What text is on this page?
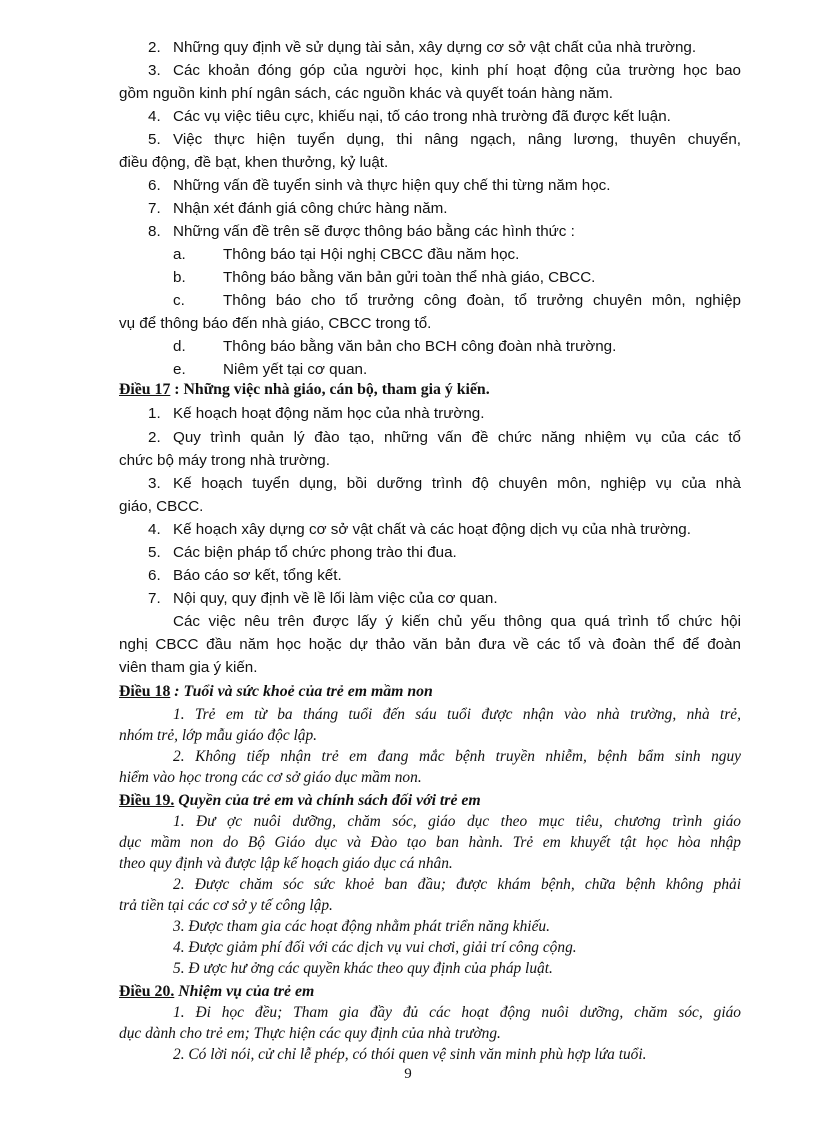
2. Những quy định về sử dụng tài sản, xây dựng cơ sở vật chất của nhà trường.
3. Các khoản đóng góp của người học, kinh phí hoạt động của trường học bao
gồm nguồn kinh phí ngân sách, các nguồn khác và quyết toán hàng năm.
4. Các vụ việc tiêu cực, khiếu nại, tố cáo trong nhà trường đã được kết luận.
5. Việc thực hiện tuyển dụng, thi nâng ngạch, nâng lương, thuyên chuyển,
điều động, đề bạt, khen thưởng, kỷ luật.
6. Những vấn đề tuyển sinh và thực hiện quy chế thi từng năm học.
7. Nhận xét đánh giá công chức hàng năm.
8. Những vấn đề trên sẽ được thông báo bằng các hình thức :
a. Thông báo tại Hội nghị CBCC đầu năm học.
b. Thông báo bằng văn bản gửi toàn thể nhà giáo, CBCC.
c.	Thông báo cho tổ trưởng công đoàn, tổ trưởng chuyên môn, nghiệp
vụ để thông báo đến nhà giáo, CBCC trong tổ.
d. Thông báo bằng văn bản cho BCH công đoàn nhà trường.
e. Niêm yết tại cơ quan.
Điều 17 : Những việc nhà giáo, cán bộ, tham gia ý kiến.
1. Kế hoạch hoạt động năm học của nhà trường.
2. Quy trình quản lý đào tạo, những vấn đề chức năng nhiệm vụ của các tổ
chức bộ máy trong nhà trường.
3. Kế hoạch tuyển dụng, bồi dưỡng trình độ chuyên môn, nghiệp vụ của nhà
giáo, CBCC.
4. Kế hoạch xây dựng cơ sở vật chất và các hoạt động dịch vụ của nhà trường.
5. Các biện pháp tổ chức phong trào thi đua.
6. Báo cáo sơ kết, tổng kết.
7. Nội quy, quy định về lề lối làm việc của cơ quan.
Các việc nêu trên được lấy ý kiến chủ yếu thông qua quá trình tổ chức hội
nghị CBCC đầu năm học hoặc dự thảo văn bản đưa về các tổ và đoàn thể để đoàn
viên tham gia ý kiến.
Điều 18 : Tuổi và sức khoẻ của trẻ em mầm non
1. Trẻ em từ ba tháng tuổi đến sáu tuổi được nhận vào nhà trường, nhà trẻ,
nhóm trẻ, lớp mẫu giáo độc lập.
2. Không tiếp nhận trẻ em đang mắc bệnh truyền nhiễm, bệnh bẩm sinh nguy
hiểm vào học trong các cơ sở giáo dục mầm non.
Điều 19. Quyền của trẻ em và chính sách đối với trẻ em
1. Đư ợc nuôi dưỡng, chăm sóc, giáo dục theo mục tiêu, chương trình giáo
dục mầm non do Bộ Giáo dục và Đào tạo ban hành. Trẻ em khuyết tật học hòa nhập
theo quy định và được lập kế hoạch giáo dục cá nhân.
2. Được chăm sóc sức khoẻ ban đầu; được khám bệnh, chữa bệnh không phải
trả tiền tại các cơ sở y tế công lập.
3. Được tham gia các hoạt động nhằm phát triển năng khiếu.
4. Được giảm phí đối với các dịch vụ vui chơi, giải trí công cộng.
5. Đ ược hư ởng các quyền khác theo quy định của pháp luật.
Điều 20. Nhiệm vụ của trẻ em
1. Đi học đều; Tham gia đầy đủ các hoạt động nuôi dưỡng, chăm sóc, giáo
dục dành cho trẻ em; Thực hiện các quy định của nhà trường.
2. Có lời nói, cử chỉ lễ phép, có thói quen vệ sinh văn minh phù hợp lứa tuổi.
9
